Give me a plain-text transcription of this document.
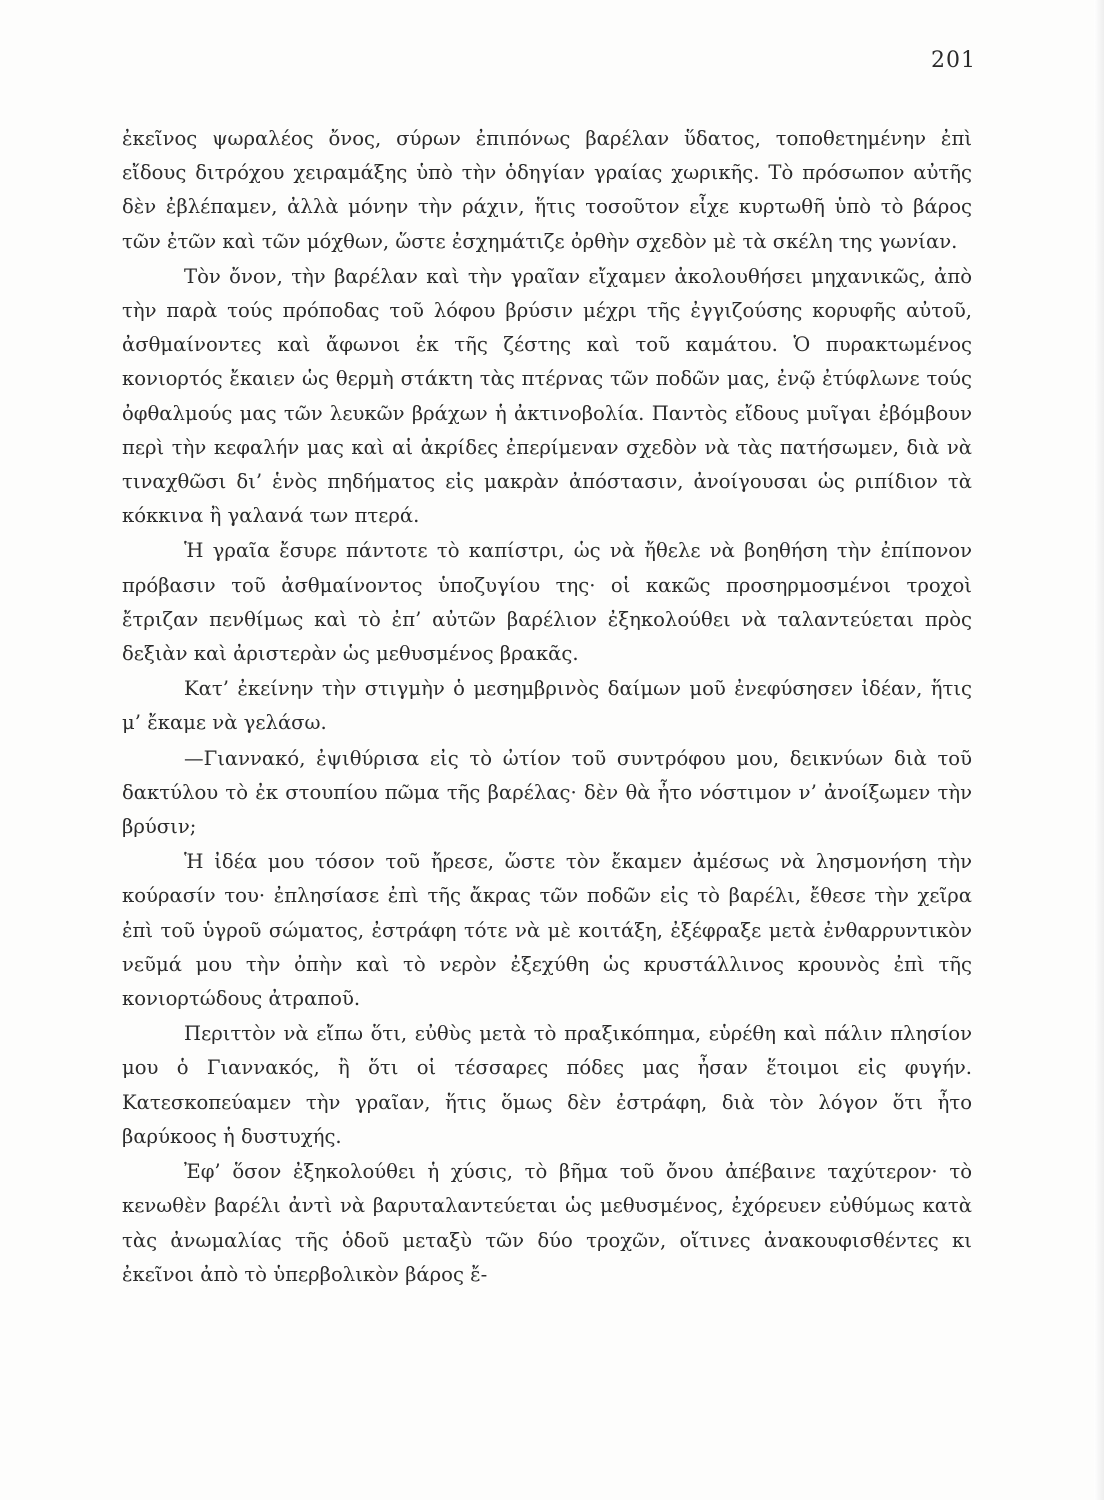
201

ἐκεῖνος ψωραλέος ὄνος, σύρων ἐπιπόνως βαρέλαν ὕδατος, τοποθετημένην ἐπὶ εἴδους διτρόχου χειραμάξης ὑπὸ τὴν ὁδηγίαν γραίας χωρικῆς. Τὸ πρόσωπον αὐτῆς δὲν ἐβλέπαμεν, ἀλλὰ μόνην τὴν ράχιν, ἥτις τοσοῦτον εἶχε κυρτωθῆ ὑπὸ τὸ βάρος τῶν ἐτῶν καὶ τῶν μόχθων, ὥστε ἐσχημάτιζε ὀρθὴν σχεδὸν μὲ τὰ σκέλη της γωνίαν.

Τὸν ὄνον, τὴν βαρέλαν καὶ τὴν γραῖαν εἴχαμεν ἀκολουθήσει μηχανικῶς, ἀπὸ τὴν παρὰ τούς πρόποδας τοῦ λόφου βρύσιν μέχρι τῆς ἐγγιζούσης κορυφῆς αὐτοῦ, ἀσθμαίνοντες καὶ ἄφωνοι ἐκ τῆς ζέστης καὶ τοῦ καμάτου. Ὁ πυρακτωμένος κονιορτός ἔκαιεν ὡς θερμὴ στάκτη τὰς πτέρνας τῶν ποδῶν μας, ἐνῷ ἐτύφλωνε τούς ὀφθαλμούς μας τῶν λευκῶν βράχων ἡ ἀκτινοβολία. Παντὸς εἴδους μυῖγαι ἐβόμβουν περὶ τὴν κεφαλήν μας καὶ αἱ ἀκρίδες ἐπερίμεναν σχεδὸν νὰ τὰς πατήσωμεν, διὰ νὰ τιναχθῶσι δι’ ἑνὸς πηδήματος εἰς μακρὰν ἀπόστασιν, ἀνοίγουσαι ὡς ριπίδιον τὰ κόκκινα ἢ γαλανά των πτερά.

Ἡ γραῖα ἔσυρε πάντοτε τὸ καπίστρι, ὡς νὰ ἤθελε νὰ βοηθήση τὴν ἐπίπονον πρόβασιν τοῦ ἀσθμαίνοντος ὑποζυγίου της· οἱ κακῶς προσηρμοσμένοι τροχοὶ ἔτριζαν πενθίμως καὶ τὸ ἐπ’ αὐτῶν βαρέλιον ἐξηκολούθει νὰ ταλαντεύεται πρὸς δεξιὰν καὶ ἀριστερὰν ὡς μεθυσμένος βρακᾶς.

Κατ’ ἐκείνην τὴν στιγμὴν ὁ μεσημβρινὸς δαίμων μοῦ ἐνεφύσησεν ἰδέαν, ἥτις μ’ ἔκαμε νὰ γελάσω.

—Γιαννακό, ἐψιθύρισα εἰς τὸ ὠτίον τοῦ συντρόφου μου, δεικνύων διὰ τοῦ δακτύλου τὸ ἐκ στουπίου πῶμα τῆς βαρέλας· δὲν θὰ ἦτο νόστιμον ν’ ἀνοίξωμεν τὴν βρύσιν;

Ἡ ἰδέα μου τόσον τοῦ ἤρεσε, ὥστε τὸν ἔκαμεν ἀμέσως νὰ λησμονήση τὴν κούρασίν του· ἐπλησίασε ἐπὶ τῆς ἄκρας τῶν ποδῶν εἰς τὸ βαρέλι, ἔθεσε τὴν χεῖρα ἐπὶ τοῦ ὑγροῦ σώματος, ἐστράφη τότε νὰ μὲ κοιτάξη, ἐξέφραξε μετὰ ἐνθαρρυντικὸν νεῦμά μου τὴν ὀπὴν καὶ τὸ νερὸν ἐξεχύθη ὡς κρυστάλλινος κρουνὸς ἐπὶ τῆς κονιορτώδους ἀτραποῦ.

Περιττὸν νὰ εἴπω ὅτι, εὐθὺς μετὰ τὸ πραξικόπημα, εὑρέθη καὶ πάλιν πλησίον μου ὁ Γιαννακός, ἢ ὅτι οἱ τέσσαρες πόδες μας ἦσαν ἕτοιμοι εἰς φυγήν. Κατεσκοπεύαμεν τὴν γραῖαν, ἥτις ὅμως δὲν ἐστράφη, διὰ τὸν λόγον ὅτι ἦτο βαρύκοος ἡ δυστυχής.

Ἐφ’ ὅσον ἐξηκολούθει ἡ χύσις, τὸ βῆμα τοῦ ὄνου ἀπέβαινε ταχύτερον· τὸ κενωθὲν βαρέλι ἀντὶ νὰ βαρυταλαντεύεται ὡς μεθυσμένος, ἐχόρευεν εὐθύμως κατὰ τὰς ἀνωμαλίας τῆς ὁδοῦ μεταξὺ τῶν δύο τροχῶν, οἵτινες ἀνακουφισθέντες κι ἐκεῖνοι ἀπὸ τὸ ὑπερβολικὸν βάρος ἔ-
